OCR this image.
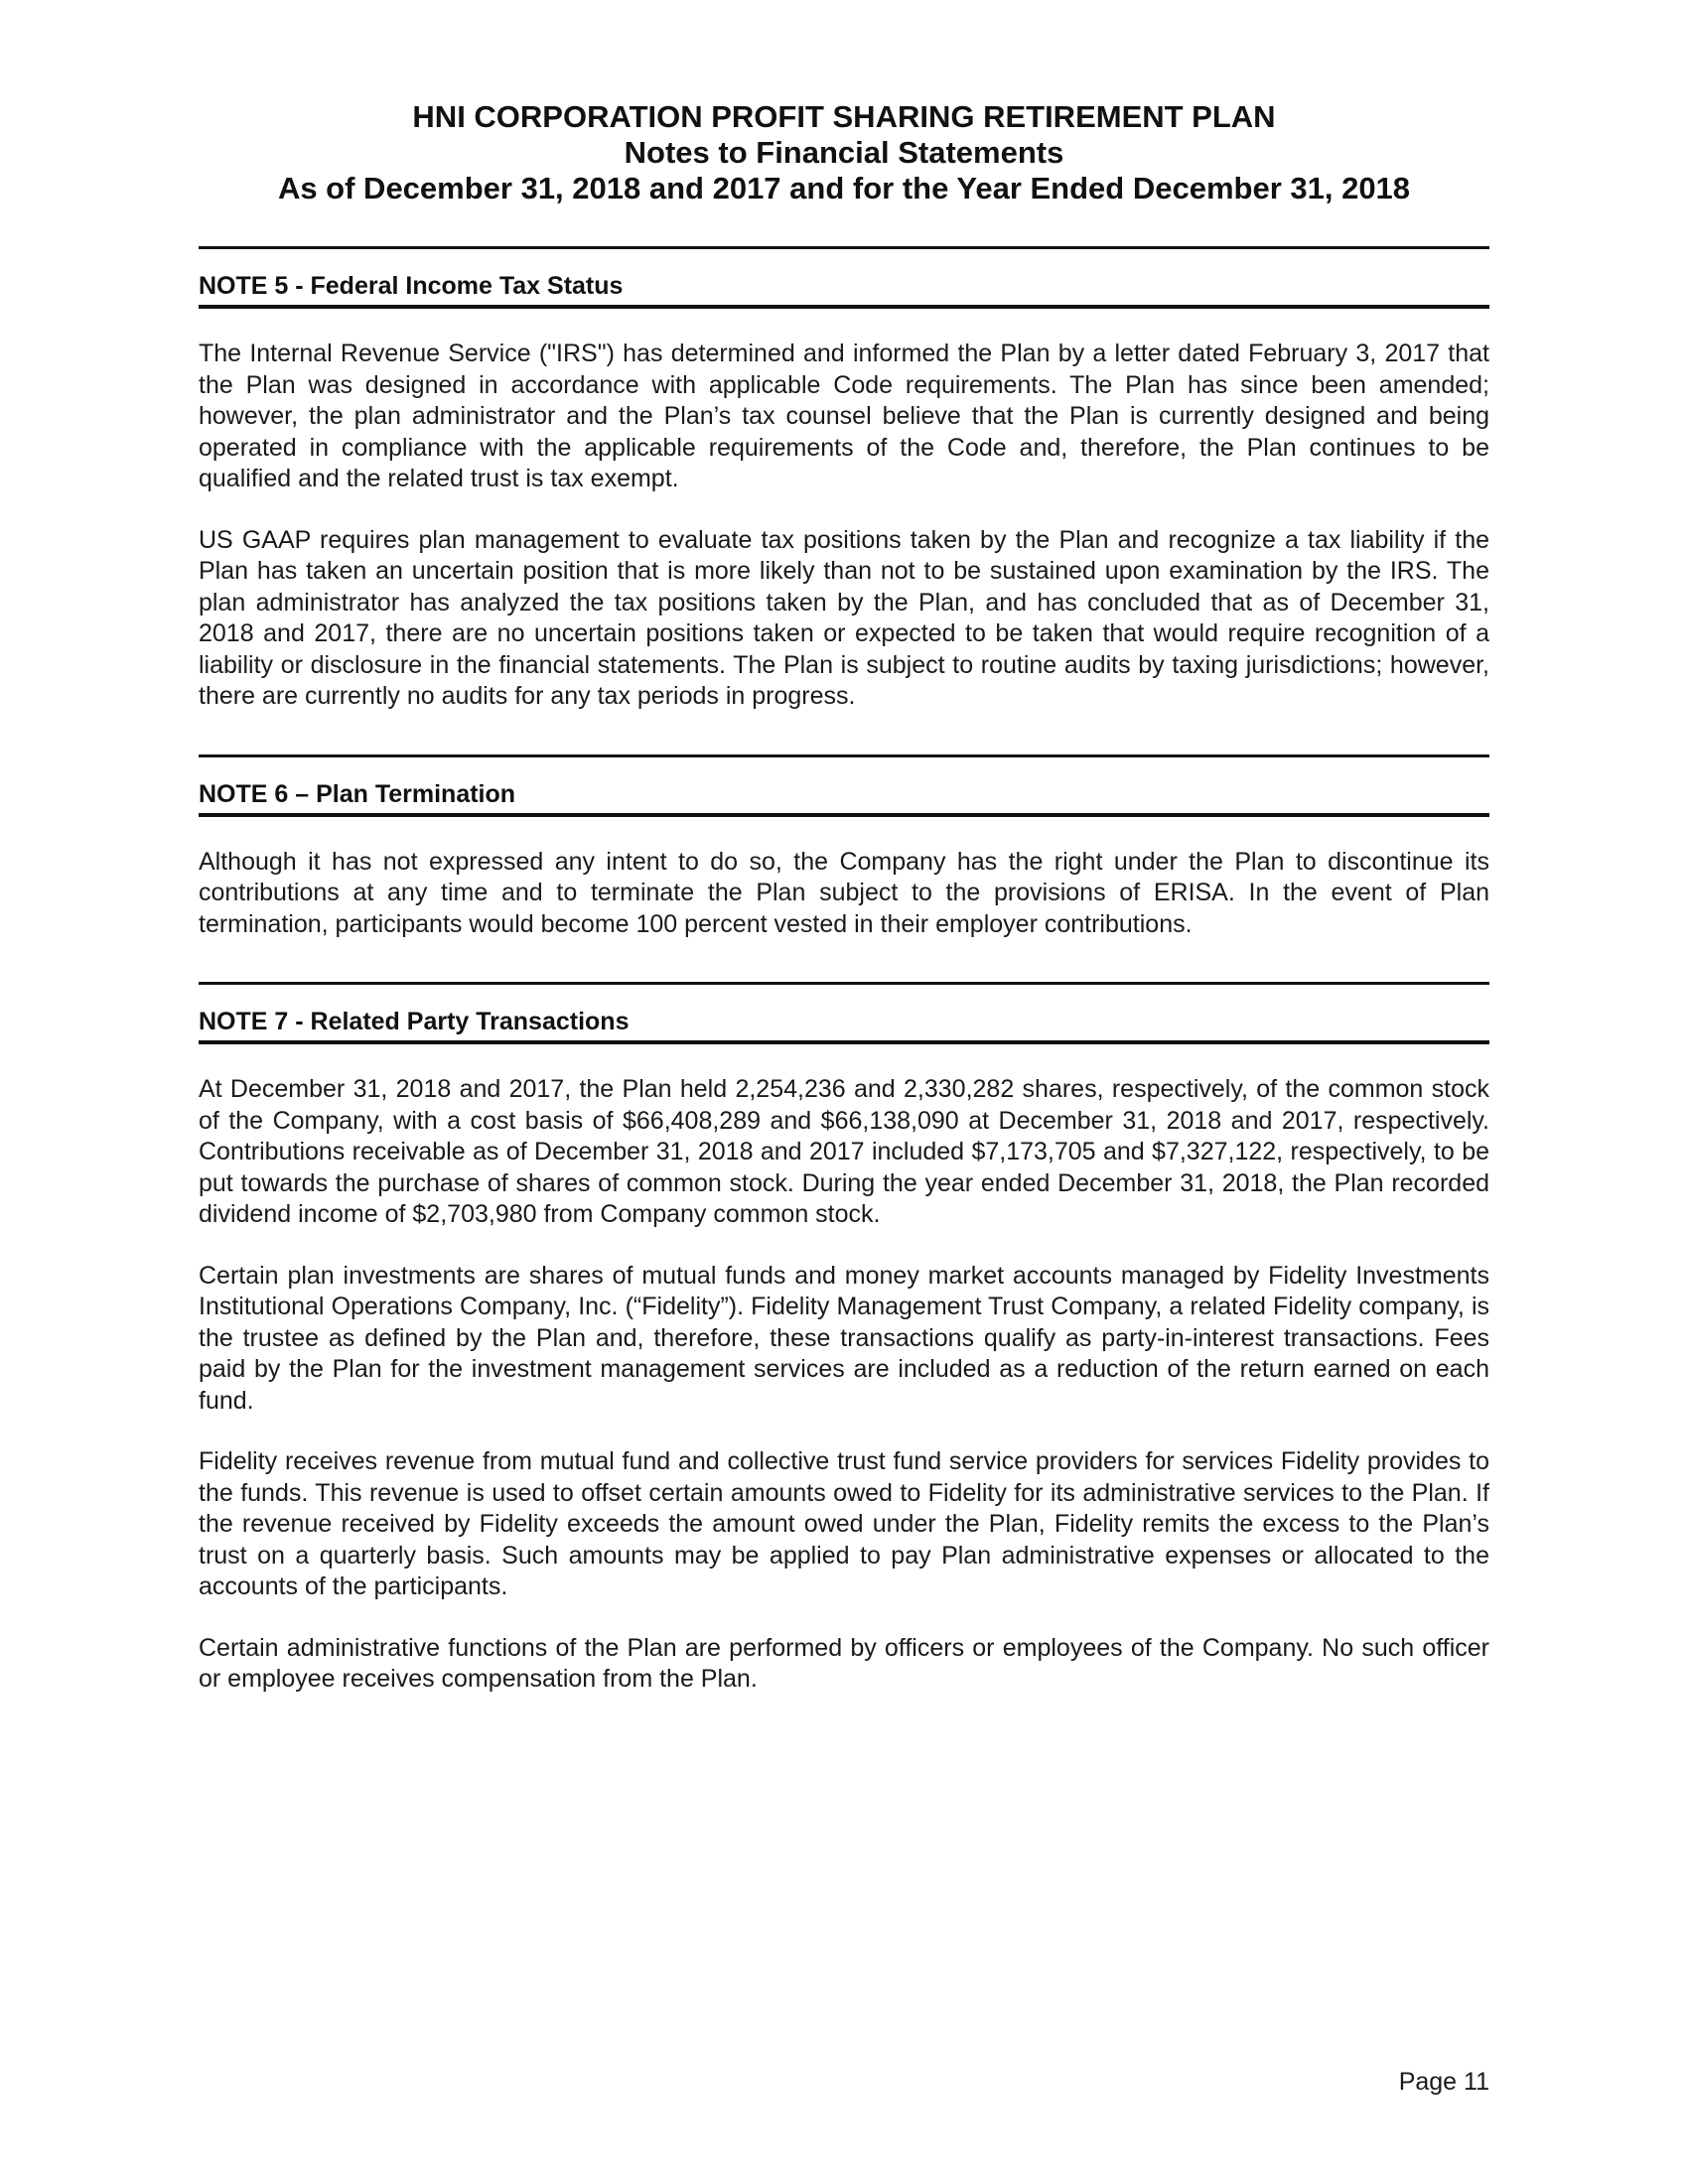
HNI CORPORATION PROFIT SHARING RETIREMENT PLAN
Notes to Financial Statements
As of December 31, 2018 and 2017 and for the Year Ended December 31, 2018
NOTE 5 - Federal Income Tax Status

The Internal Revenue Service ("IRS") has determined and informed the Plan by a letter dated February 3, 2017 that the Plan was designed in accordance with applicable Code requirements. The Plan has since been amended; however, the plan administrator and the Plan’s tax counsel believe that the Plan is currently designed and being operated in compliance with the applicable requirements of the Code and, therefore, the Plan continues to be qualified and the related trust is tax exempt.

US GAAP requires plan management to evaluate tax positions taken by the Plan and recognize a tax liability if the Plan has taken an uncertain position that is more likely than not to be sustained upon examination by the IRS. The plan administrator has analyzed the tax positions taken by the Plan, and has concluded that as of December 31, 2018 and 2017, there are no uncertain positions taken or expected to be taken that would require recognition of a liability or disclosure in the financial statements. The Plan is subject to routine audits by taxing jurisdictions; however, there are currently no audits for any tax periods in progress.

NOTE 6 – Plan Termination

Although it has not expressed any intent to do so, the Company has the right under the Plan to discontinue its contributions at any time and to terminate the Plan subject to the provisions of ERISA. In the event of Plan termination, participants would become 100 percent vested in their employer contributions.

NOTE 7 - Related Party Transactions

At December 31, 2018 and 2017, the Plan held 2,254,236 and 2,330,282 shares, respectively, of the common stock of the Company, with a cost basis of $66,408,289 and $66,138,090 at December 31, 2018 and 2017, respectively. Contributions receivable as of December 31, 2018 and 2017 included $7,173,705 and $7,327,122, respectively, to be put towards the purchase of shares of common stock. During the year ended December 31, 2018, the Plan recorded dividend income of $2,703,980 from Company common stock.

Certain plan investments are shares of mutual funds and money market accounts managed by Fidelity Investments Institutional Operations Company, Inc. (“Fidelity”). Fidelity Management Trust Company, a related Fidelity company, is the trustee as defined by the Plan and, therefore, these transactions qualify as party-in-interest transactions. Fees paid by the Plan for the investment management services are included as a reduction of the return earned on each fund.

Fidelity receives revenue from mutual fund and collective trust fund service providers for services Fidelity provides to the funds. This revenue is used to offset certain amounts owed to Fidelity for its administrative services to the Plan. If the revenue received by Fidelity exceeds the amount owed under the Plan, Fidelity remits the excess to the Plan’s trust on a quarterly basis. Such amounts may be applied to pay Plan administrative expenses or allocated to the accounts of the participants.

Certain administrative functions of the Plan are performed by officers or employees of the Company. No such officer or employee receives compensation from the Plan.

Page 11
